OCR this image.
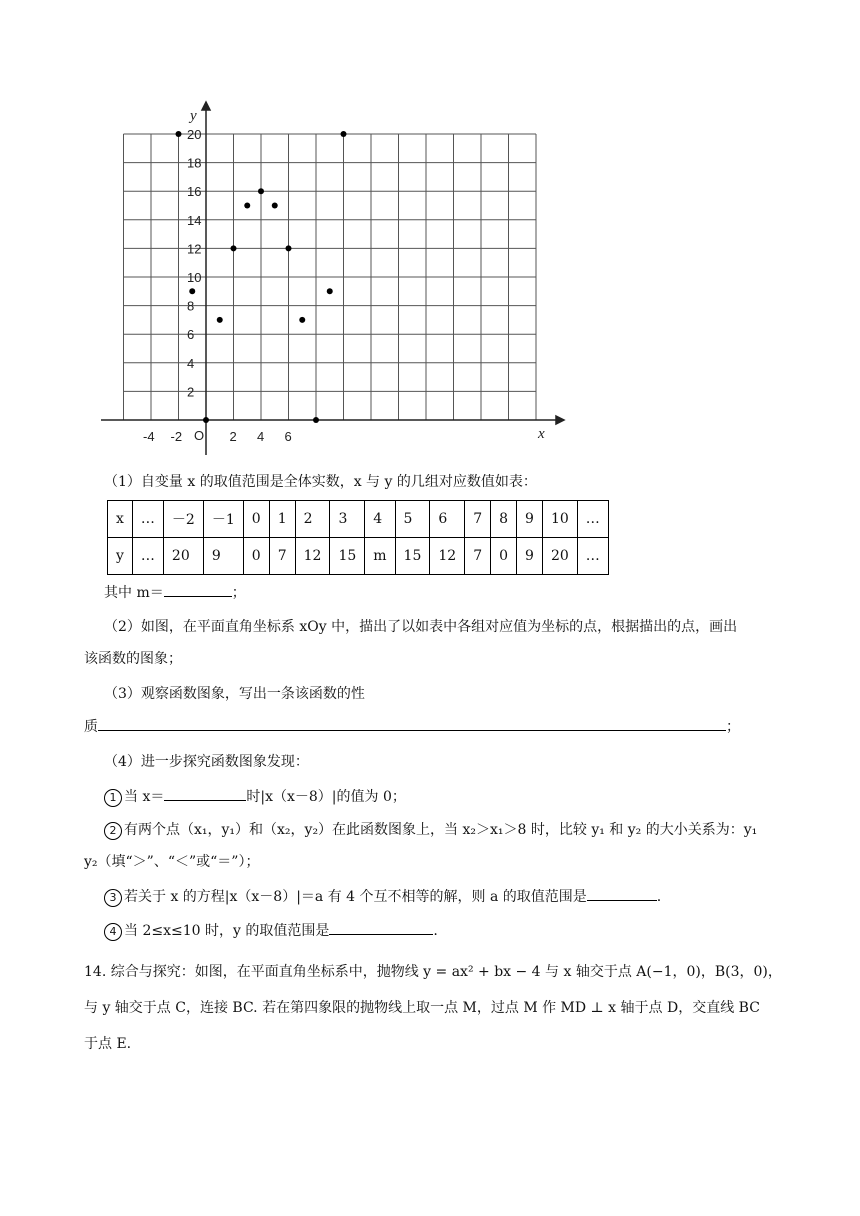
y
x
O
2
4
6
8
10
12
14
16
18
20
-4 -2	2 4 6
（1）自变量 x 的取值范围是全体实数，x 与 y 的几组对应数值如表：
x	…	－2	－1	0	1	2	3	4	5	6	7	8	9	10	…
y	…	20	9	0	7	12	15	m	15	12	7	0	9	20	…
其中 m＝	；
（2）如图，在平面直角坐标系 xOy 中，描出了以如表中各组对应值为坐标的点，根据描出的点，画出
该函数的图象；
（3）观察函数图象，写出一条该函数的性
质	；
（4）进一步探究函数图象发现：
1 当 x＝	时|x（x－8）|的值为 0；
2 有两个点（x₁，y₁）和（x₂，y₂）在此函数图象上，当 x₂＞x₁＞8 时，比较 y₁ 和 y₂ 的大小关系为：y₁
y₂（填“＞”、“＜”或“＝”）；
3 若关于 x 的方程|x（x－8）|＝a 有 4 个互不相等的解，则 a 的取值范围是	.
4 当 2≤x≤10 时，y 的取值范围是	.
14. 综合与探究：如图，在平面直角坐标系中，抛物线 y = ax² + bx − 4 与 x 轴交于点 A(−1，0)，B(3，0)，
与 y 轴交于点 C，连接 BC. 若在第四象限的抛物线上取一点 M，过点 M 作 MD ⊥ x 轴于点 D，交直线 BC
于点 E.
